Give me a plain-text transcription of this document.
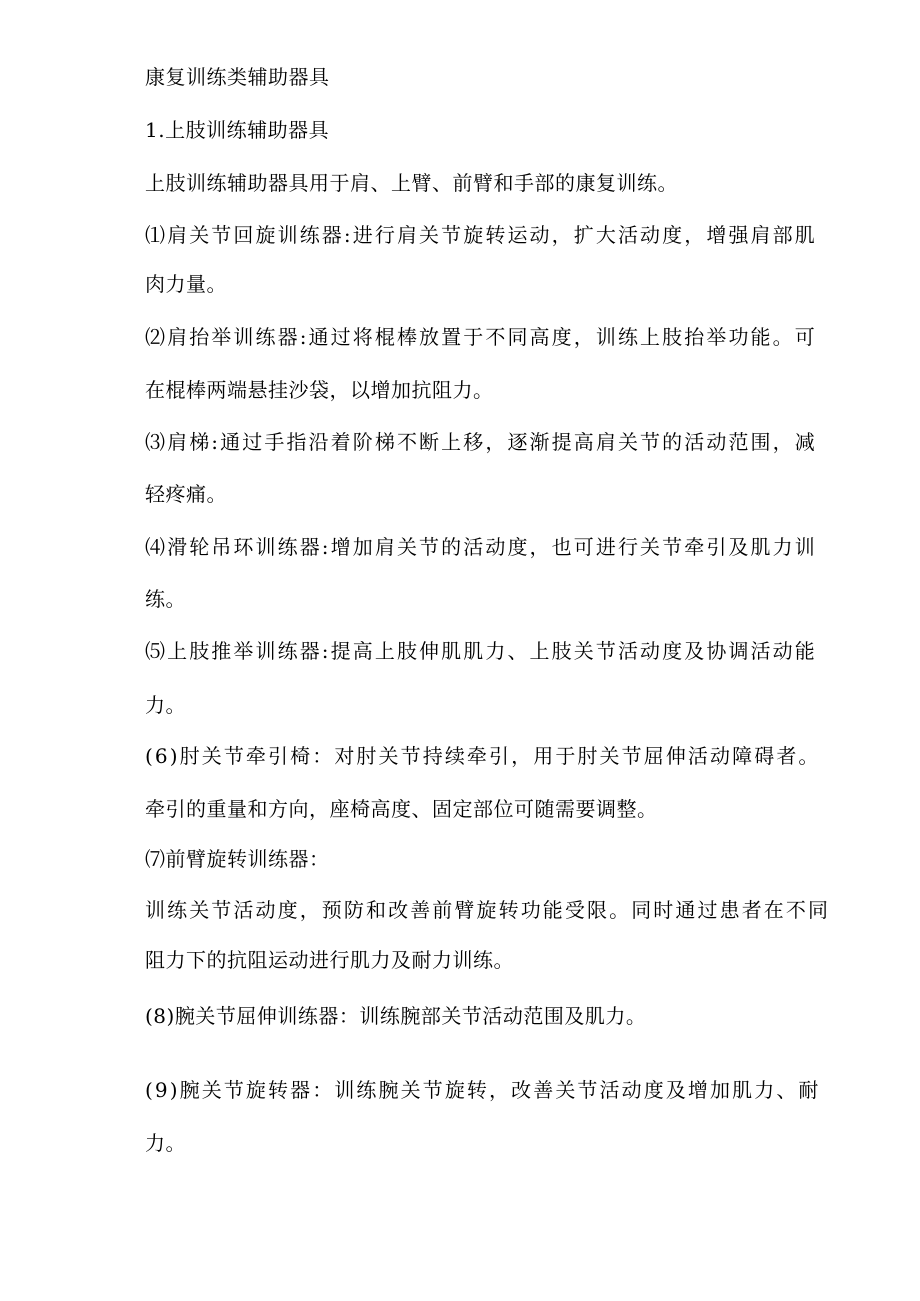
康复训练类辅助器具
1.上肢训练辅助器具
上肢训练辅助器具用于肩、上臂、前臂和手部的康复训练。
⑴肩关节回旋训练器:进行肩关节旋转运动，扩大活动度，增强肩部肌
肉力量。
⑵肩抬举训练器:通过将棍棒放置于不同高度，训练上肢抬举功能。可
在棍棒两端悬挂沙袋，以增加抗阻力。
⑶肩梯:通过手指沿着阶梯不断上移，逐渐提高肩关节的活动范围，减
轻疼痛。
⑷滑轮吊环训练器:增加肩关节的活动度，也可进行关节牵引及肌力训
练。
⑸上肢推举训练器:提高上肢伸肌肌力、上肢关节活动度及协调活动能
力。
(6)肘关节牵引椅：对肘关节持续牵引，用于肘关节屈伸活动障碍者。
牵引的重量和方向，座椅高度、固定部位可随需要调整。
⑺前臂旋转训练器：
训练关节活动度，预防和改善前臂旋转功能受限。同时通过患者在不同
阻力下的抗阻运动进行肌力及耐力训练。
(8)腕关节屈伸训练器：训练腕部关节活动范围及肌力。
(9)腕关节旋转器：训练腕关节旋转，改善关节活动度及增加肌力、耐
力。
